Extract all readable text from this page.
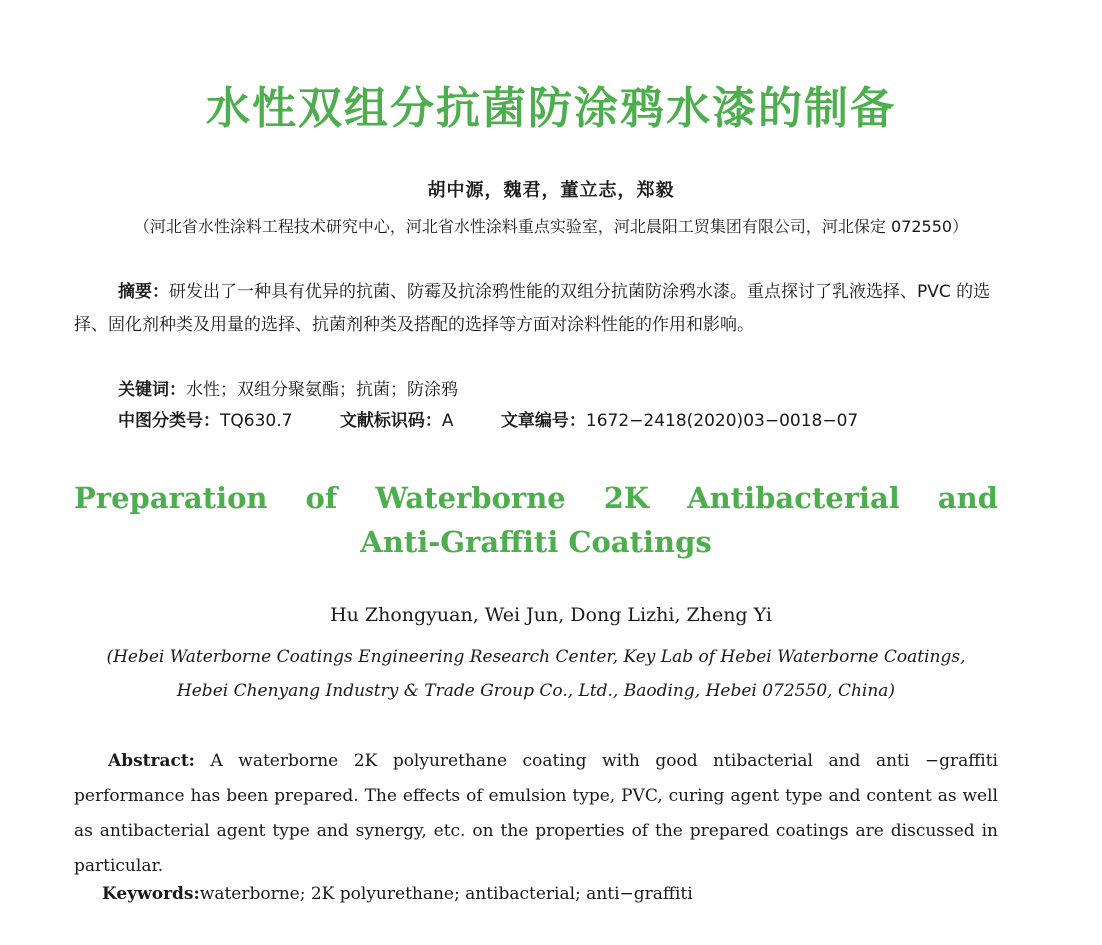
水性双组分抗菌防涂鸦水漆的制备
胡中源，魏君，董立志，郑毅
（河北省水性涂料工程技术研究中心，河北省水性涂料重点实验室，河北晨阳工贸集团有限公司，河北保定 072550）
摘要：研发出了一种具有优异的抗菌、防霉及抗涂鸦性能的双组分抗菌防涂鸦水漆。重点探讨了乳液选择、PVC 的选择、固化剂种类及用量的选择、抗菌剂种类及搭配的选择等方面对涂料性能的作用和影响。
关键词：水性；双组分聚氨酯；抗菌；防涂鸦
中图分类号：TQ630.7	文献标识码：A	文章编号：1672−2418(2020)03−0018−07
Preparation of Waterborne 2K Antibacterial and
Anti-Graffiti Coatings
Hu Zhongyuan, Wei Jun, Dong Lizhi, Zheng Yi
(Hebei Waterborne Coatings Engineering Research Center, Key Lab of Hebei Waterborne Coatings,
Hebei Chenyang Industry & Trade Group Co., Ltd., Baoding, Hebei 072550, China)
Abstract: A waterborne 2K polyurethane coating with good ntibacterial and anti −graffiti performance has been prepared. The effects of emulsion type, PVC, curing agent type and content as well as antibacterial agent type and synergy, etc. on the properties of the prepared coatings are discussed in particular.
Keywords:waterborne; 2K polyurethane; antibacterial; anti−graffiti
